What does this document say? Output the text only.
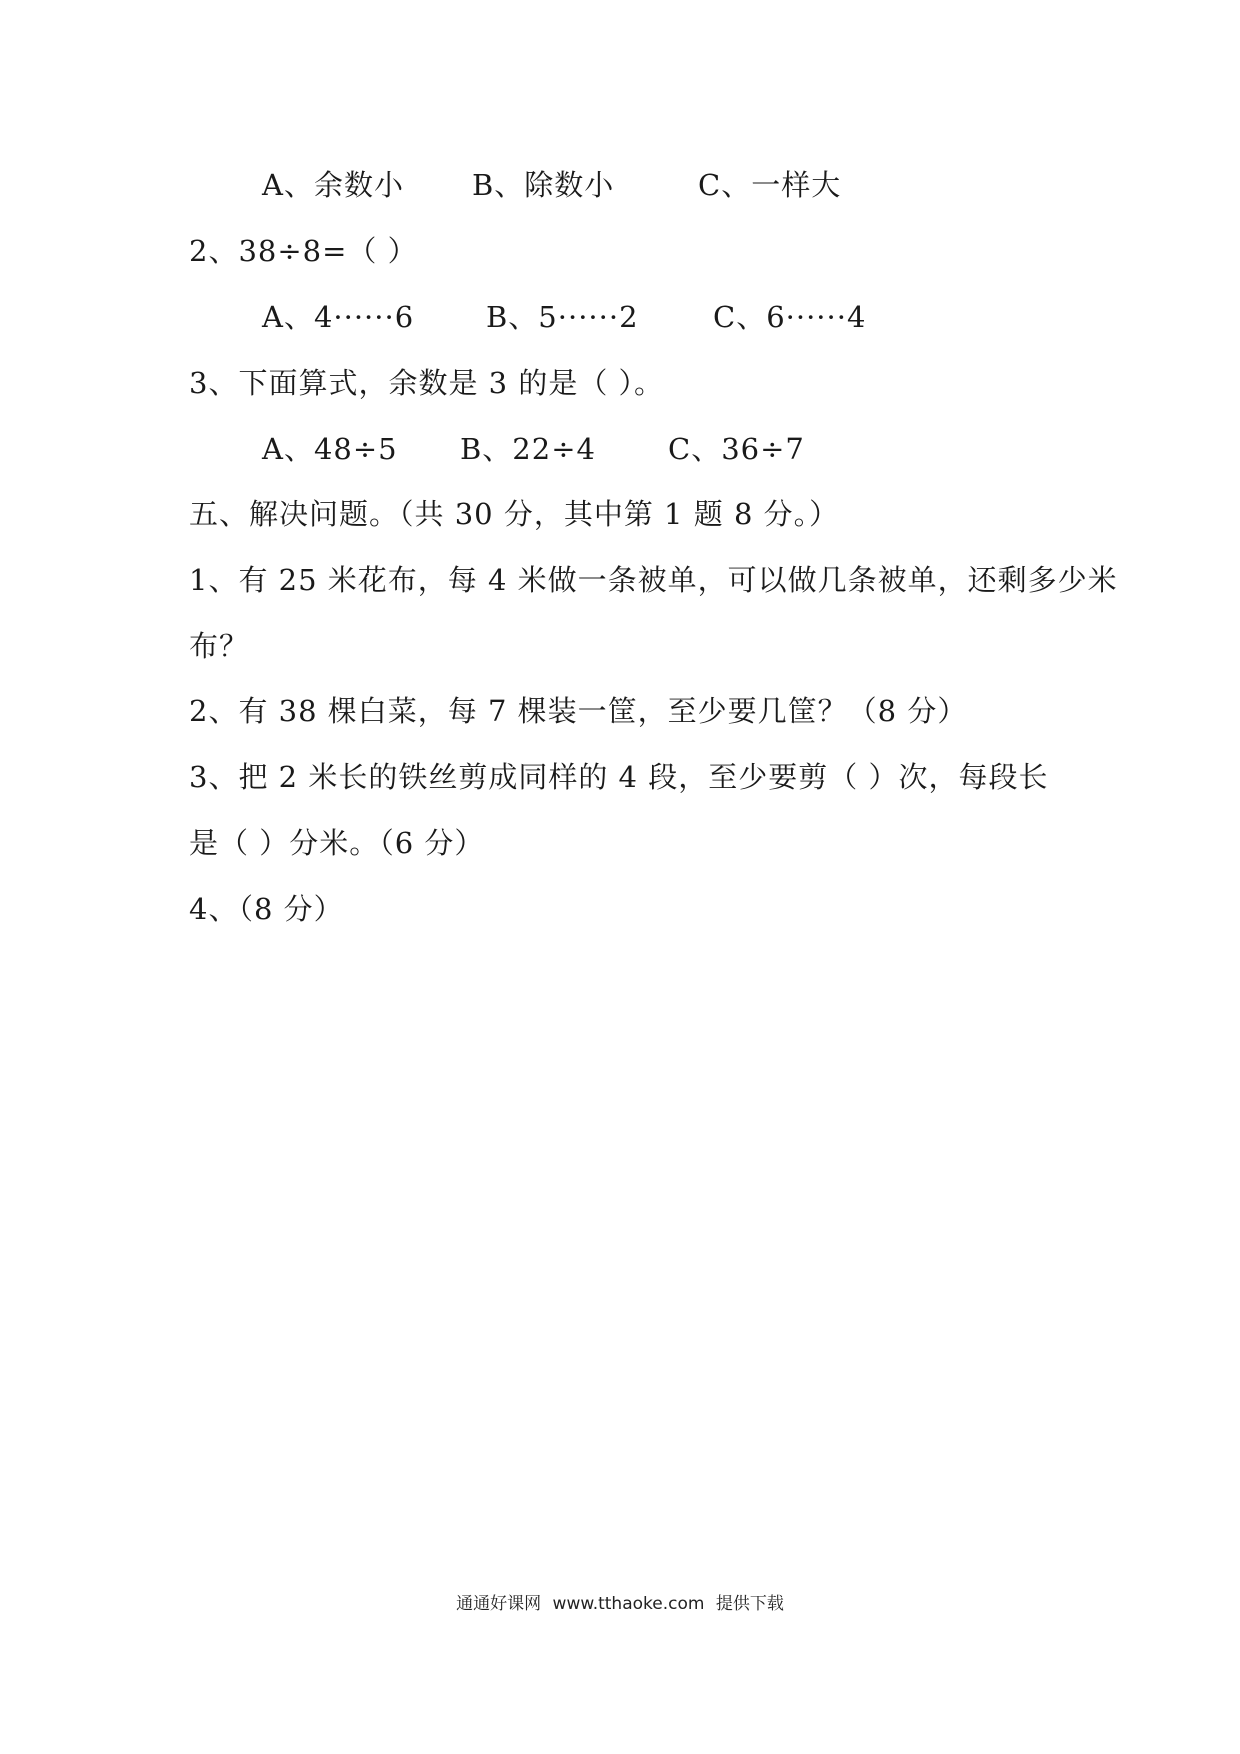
A、余数小 B、除数小	C、一样大
2、38÷8=（ ）
A、4······6 B、5······2	C、6······4
3、下面算式，余数是 3 的是（ ）。
A、48÷5 B、22÷4 C、36÷7
五、解决问题。（共 30 分，其中第 1 题 8 分。）
1、有 25 米花布，每 4 米做一条被单，可以做几条被单，还剩多少米
布？
2、有 38 棵白菜，每 7 棵装一筐，至少要几筐？（8 分）
3、把 2 米长的铁丝剪成同样的 4 段，至少要剪（ ）次，每段长
是（ ）分米。（6 分）
4、（8 分）
通通好课网 www.tthaoke.com 提供下载
